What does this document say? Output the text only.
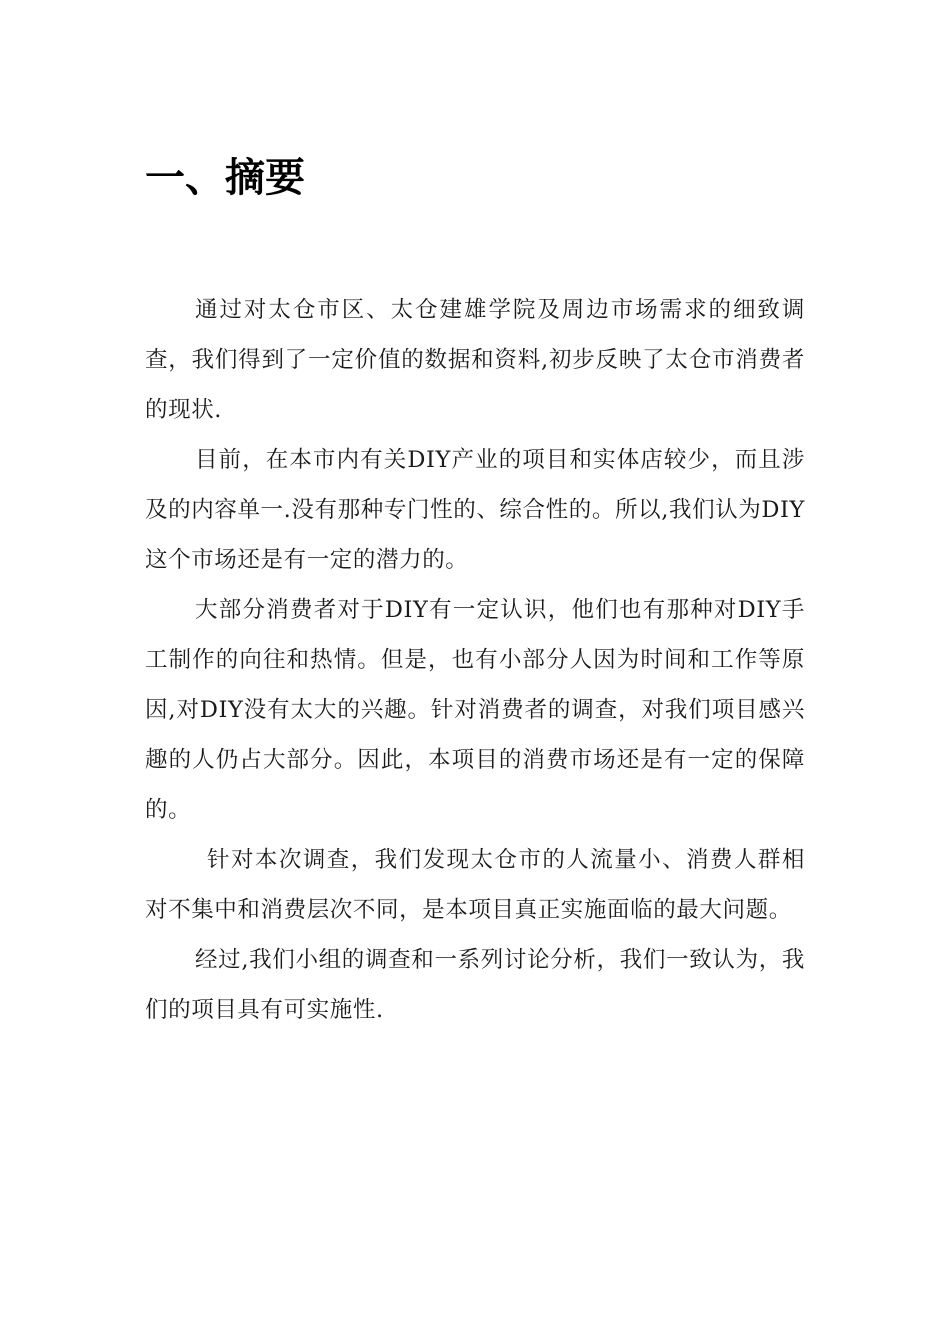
一、摘要

通过对太仓市区、太仓建雄学院及周边市场需求的细致调查，我们得到了一定价值的数据和资料,初步反映了太仓市消费者的现状.

目前，在本市内有关DIY产业的项目和实体店较少，而且涉及的内容单一.没有那种专门性的、综合性的。所以,我们认为DIY这个市场还是有一定的潜力的。

大部分消费者对于DIY有一定认识，他们也有那种对DIY手工制作的向往和热情。但是，也有小部分人因为时间和工作等原因,对DIY没有太大的兴趣。针对消费者的调查，对我们项目感兴趣的人仍占大部分。因此，本项目的消费市场还是有一定的保障的。

针对本次调查，我们发现太仓市的人流量小、消费人群相对不集中和消费层次不同，是本项目真正实施面临的最大问题。

经过,我们小组的调查和一系列讨论分析，我们一致认为，我们的项目具有可实施性.
